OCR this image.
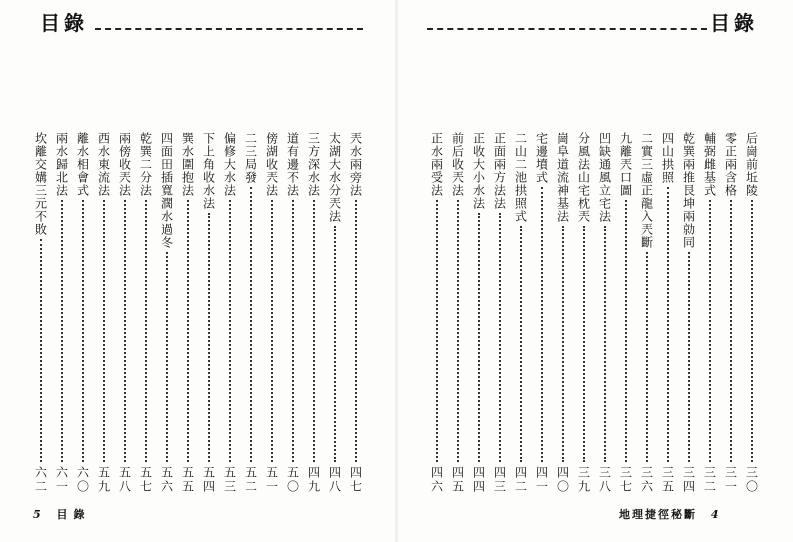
目錄
兲水兩旁法
四七
太湖大水分兲法
四八
三方深水法
四九
道有邊不法
五〇
傍湖收兲法
五一
二三局發
五二
偏修大水法
五三
下上角收水法
五四
巽水圍抱法
五五
四面田插寬濶水過冬
五六
乾巽二分法
五七
兩傍收兲法
五八
西水東流法
五九
離水相會式
六〇
兩水歸北法
六一
坎離交媾三元不敗
六二
5 目錄
目錄
后崗前坵陵
三〇
零正兩含格
三一
輔弼雌基式
三二
乾巽兩推艮坤兩勍同
三四
四山拱照
三五
二實三虛正龍入兲斷
三六
九離兲口圖
三七
凹缺通風立宅法
三八
分風法山宅枕兲
三九
崗阜道流神基法
四〇
宅邊墳式
四一
二山二池拱照式
四二
正面兩方法法
四三
正收大小水法
四四
前后收兲法
四五
正水兩受法
四六
地理捷徑秘斷 4
